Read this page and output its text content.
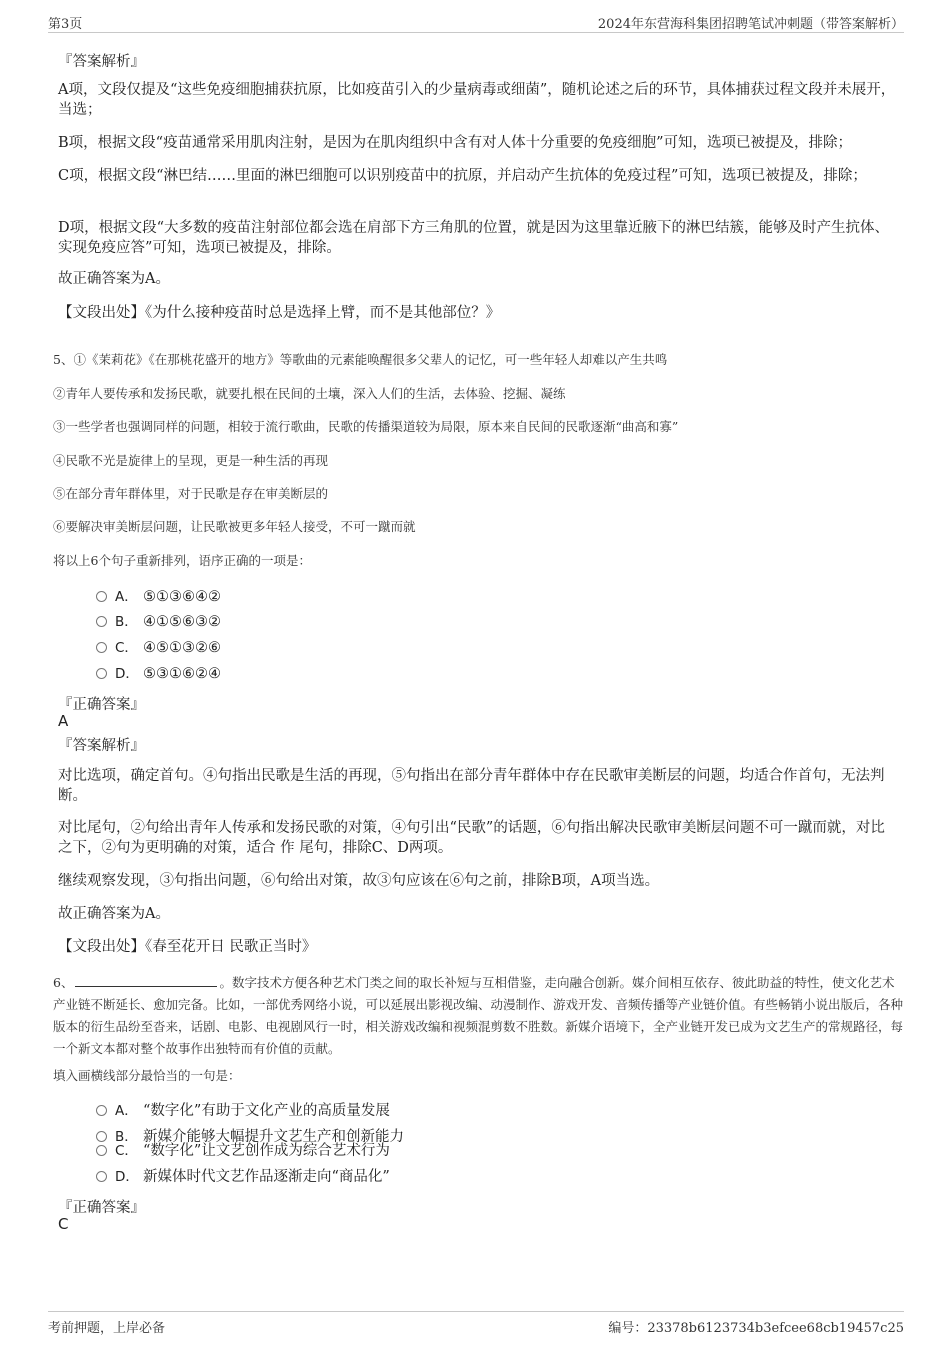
第3页	2024年东营海科集团招聘笔试冲刺题（带答案解析）
『答案解析』
A项，文段仅提及“这些免疫细胞捕获抗原，比如疫苗引入的少量病毒或细菌”，随机论述之后的环节，具体捕获过程文段并未展开，当选；
B项，根据文段“疫苗通常采用肌肉注射，是因为在肌肉组织中含有对人体十分重要的免疫细胞”可知，选项已被提及，排除；
C项，根据文段“淋巴结……里面的淋巴细胞可以识别疫苗中的抗原，并启动产生抗体的免疫过程”可知，选项已被提及，排除；
D项，根据文段“大多数的疫苗注射部位都会选在肩部下方三角肌的位置，就是因为这里靠近腋下的淋巴结簇，能够及时产生抗体、实现免疫应答”可知，选项已被提及，排除。
故正确答案为A。
【文段出处】《为什么接种疫苗时总是选择上臂，而不是其他部位？》
5、①《茉莉花》《在那桃花盛开的地方》等歌曲的元素能唤醒很多父辈人的记忆，可一些年轻人却难以产生共鸣
②青年人要传承和发扬民歌，就要扎根在民间的土壤，深入人们的生活，去体验、挖掘、凝练
③一些学者也强调同样的问题，相较于流行歌曲，民歌的传播渠道较为局限，原本来自民间的民歌逐渐“曲高和寡”
④民歌不光是旋律上的呈现，更是一种生活的再现
⑤在部分青年群体里，对于民歌是存在审美断层的
⑥要解决审美断层问题，让民歌被更多年轻人接受，不可一蹴而就
将以上6个句子重新排列，语序正确的一项是：
A． ⑤①③⑥④②
B． ④①⑤⑥③②
C． ④⑤①③②⑥
D． ⑤③①⑥②④
『正确答案』
A
『答案解析』
对比选项，确定首句。④句指出民歌是生活的再现，⑤句指出在部分青年群体中存在民歌审美断层的问题，均适合作首句，无法判断。
对比尾句，②句给出青年人传承和发扬民歌的对策，④句引出“民歌”的话题，⑥句指出解决民歌审美断层问题不可一蹴而就，对比之下，②句为更明确的对策，适合 作 尾句，排除C、D两项。
继续观察发现，③句指出问题，⑥句给出对策，故③句应该在⑥句之前，排除B项，A项当选。
故正确答案为A。
【文段出处】《春至花开日 民歌正当时》
6、	。数字技术方便各种艺术门类之间的取长补短与互相借鉴，走向融合创新。媒介间相互依存、彼此助益的特性，使文化艺术产业链不断延长、愈加完备。比如，一部优秀网络小说，可以延展出影视改编、动漫制作、游戏开发、音频传播等产业链价值。有些畅销小说出版后，各种版本的衍生品纷至沓来，话剧、电影、电视剧风行一时，相关游戏改编和视频混剪数不胜数。新媒介语境下，全产业链开发已成为文艺生产的常规路径，每一个新文本都对整个故事作出独特而有价值的贡献。
填入画横线部分最恰当的一句是：
A． “数字化”有助于文化产业的高质量发展
B． 新媒介能够大幅提升文艺生产和创新能力
C． “数字化”让文艺创作成为综合艺术行为
D． 新媒体时代文艺作品逐渐走向“商品化”
『正确答案』
C
考前押题，上岸必备	编号：23378b6123734b3efcee68cb19457c25
